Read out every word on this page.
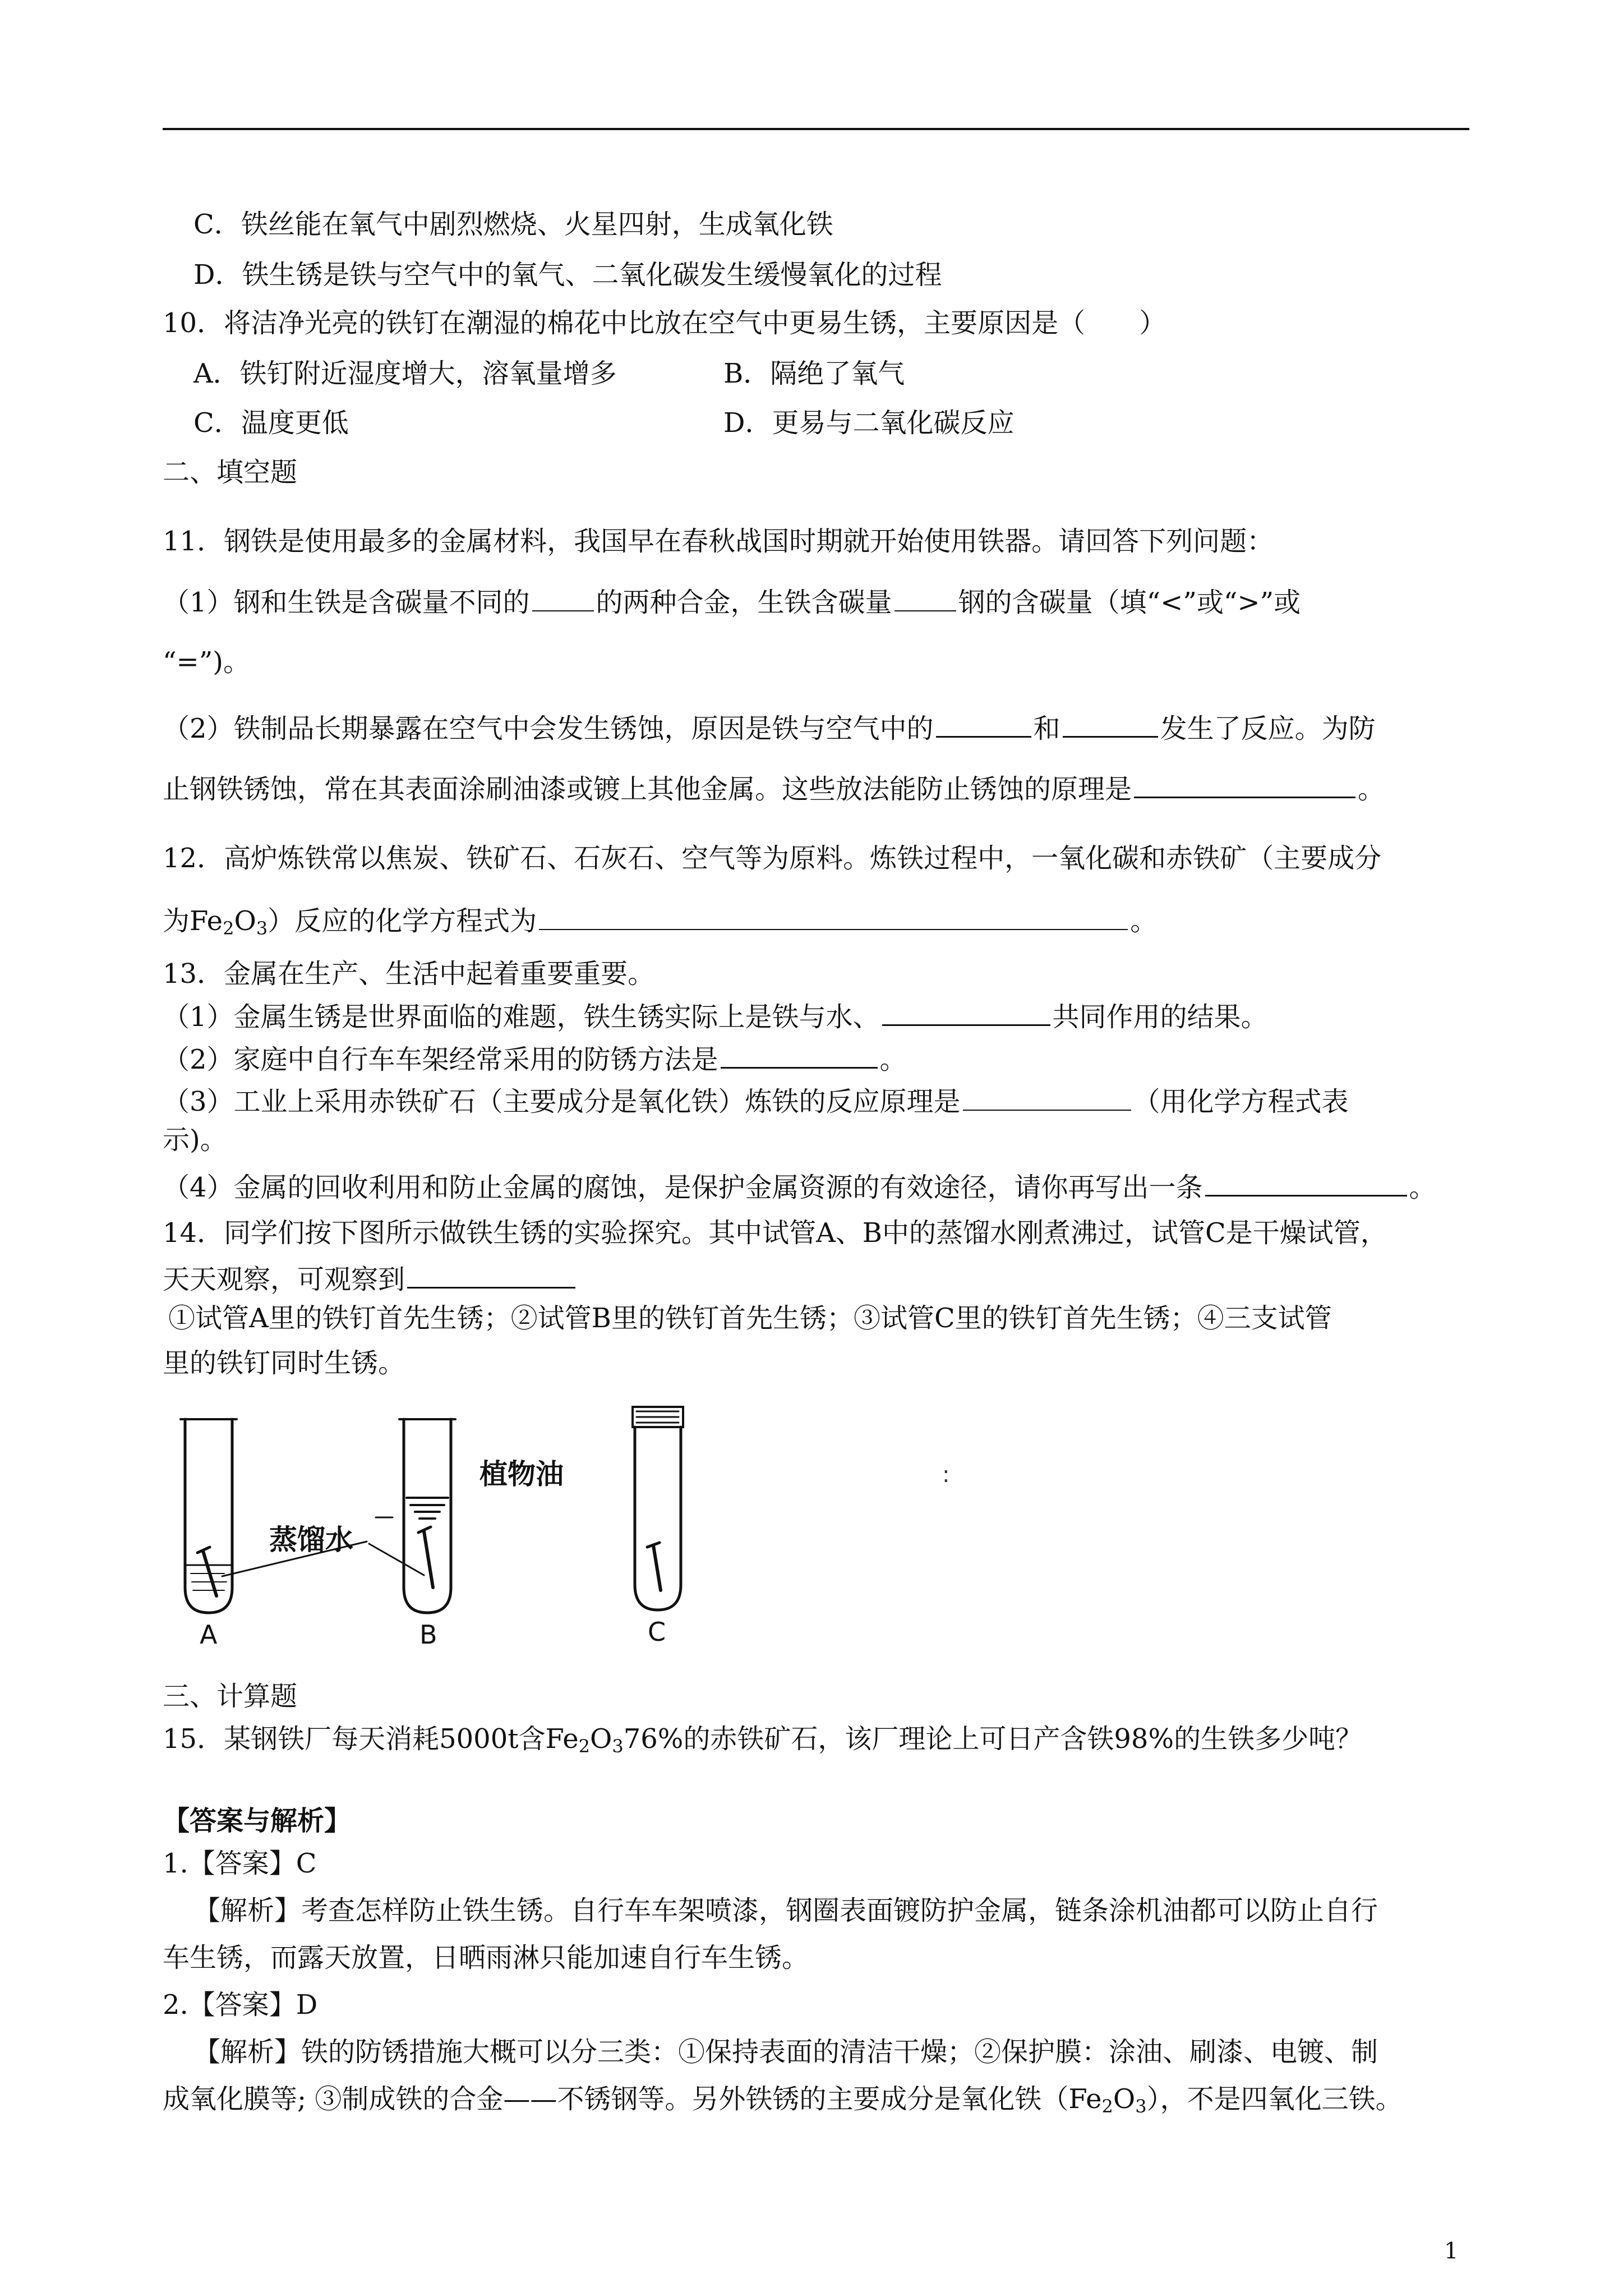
C．铁丝能在氧气中剧烈燃烧、火星四射，生成氧化铁
D．铁生锈是铁与空气中的氧气、二氧化碳发生缓慢氧化的过程
10．将洁净光亮的铁钉在潮湿的棉花中比放在空气中更易生锈，主要原因是（　　）
A．铁钉附近湿度增大，溶氧量增多	B．隔绝了氧气
C．温度更低	D．更易与二氧化碳反应
二、填空题
11．钢铁是使用最多的金属材料，我国早在春秋战国时期就开始使用铁器。请回答下列问题：
（1）钢和生铁是含碳量不同的 的两种合金，生铁含碳量 钢的含碳量（填“<”或“>”或
“=”)。
（2）铁制品长期暴露在空气中会发生锈蚀，原因是铁与空气中的	和	发生了反应。为防
止钢铁锈蚀，常在其表面涂刷油漆或镀上其他金属。这些放法能防止锈蚀的原理是	。
12．高炉炼铁常以焦炭、铁矿石、石灰石、空气等为原料。炼铁过程中，一氧化碳和赤铁矿（主要成分
为$Fe_2O_3$）反应的化学方程式为	。
13．金属在生产、生活中起着重要重要。
（1）金属生锈是世界面临的难题，铁生锈实际上是铁与水、	共同作用的结果。
（2）家庭中自行车车架经常采用的防锈方法是	。
（3）工业上采用赤铁矿石（主要成分是氧化铁）炼铁的反应原理是	（用化学方程式表
示)。
（4）金属的回收利用和防止金属的腐蚀，是保护金属资源的有效途径，请你再写出一条	。
14．同学们按下图所示做铁生锈的实验探究。其中试管A、B中的蒸馏水刚煮沸过，试管C是干燥试管，
天天观察，可观察到
①试管A里的铁钉首先生锈；②试管B里的铁钉首先生锈；③试管C里的铁钉首先生锈；④三支试管
里的铁钉同时生锈。
植物油
蒸馏水
A	B	C
:
三、计算题
15．某钢铁厂每天消耗5000t含$Fe_2O_376\%$的赤铁矿石，该厂理论上可日产含铁98%的生铁多少吨？
【答案与解析】
1.【答案】C
【解析】考查怎样防止铁生锈。自行车车架喷漆，钢圈表面镀防护金属，链条涂机油都可以防止自行
车生锈，而露天放置，日晒雨淋只能加速自行车生锈。
2.【答案】D
【解析】铁的防锈措施大概可以分三类：①保持表面的清洁干燥；②保护膜：涂油、刷漆、电镀、制
成氧化膜等; ③制成铁的合金——不锈钢等。另外铁锈的主要成分是氧化铁$(Fe_2O_3)$，不是四氧化三铁。
1
